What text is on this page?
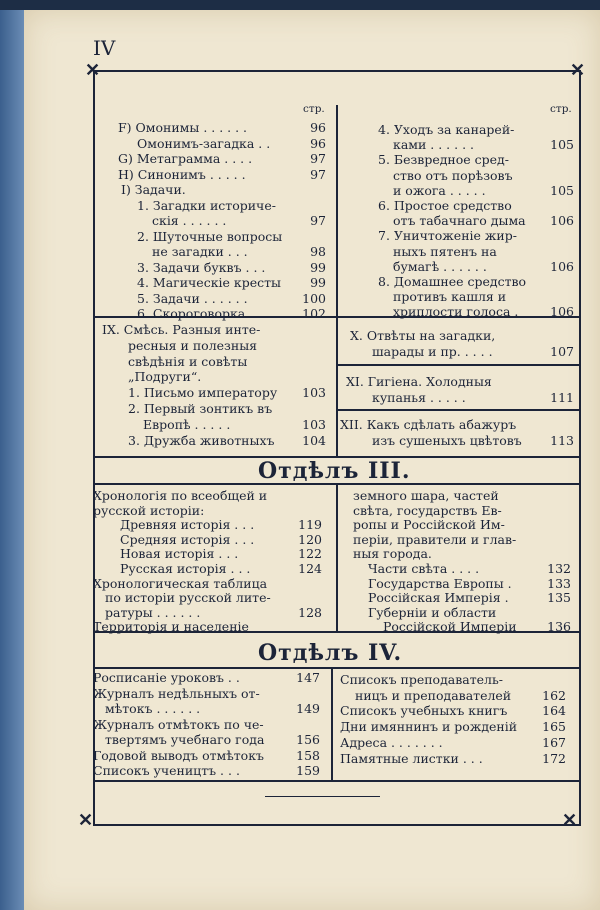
IV
✕	✕
✕	✕
стр.	стр.
Отдѣлъ III.
Отдѣлъ IV.
F) Омонимы . . . . . .	96
Омонимъ-загадка . .	96
G) Метаграмма . . . .	97
H) Синонимъ . . . . .	97
I) Задачи.
1. Загадки историче-
скія . . . . . .	97
2. Шуточные вопросы
не загадки . . .	98
3. Задачи буквъ . . .	99
4. Магическіе кресты	99
5. Задачи . . . . . .	100
6. Скороговорка . . .	102
IX. Смѣсь. Разныя инте-
ресныя и полезныя
свѣдѣнія и совѣты
„Подруги“.
1. Письмо императору	103
2. Первый зонтикъ въ
Европѣ . . . . .	103
3. Дружба животныхъ	104
4. Уходъ за канарей-
ками . . . . . .	105
5. Безвредное сред-
ство отъ порѣзовъ
и ожога . . . . .	105
6. Простое средство
отъ табачнаго дыма	106
7. Уничтоженіе жир-
ныхъ пятенъ на
бумагѣ . . . . . .	106
8. Домашнее средство
противъ кашля и
хриплости голоса .	106
Хронологія по всеобщей и
русской исторіи:
Древняя исторія . . .	119
Средняя исторія . . .	120
Новая исторія . . .	122
Русская исторія . . .	124
Хронологическая таблица
по исторіи русской лите-
ратуры . . . . . .	128
Территорія и населеніе
земного шара, частей
свѣта, государствъ Ев-
ропы и Россійской Им-
періи, правители и глав-
ныя города.
Части свѣта . . . .	132
Государства Европы .	133
Россійская Имперія .	135
Губерніи и области
Россійской Имперіи	136
Росписаніе уроковъ . .	147
Журналъ недѣльныхъ от-
мѣтокъ . . . . . .	149
Журналъ отмѣтокъ по че-
твертямъ учебнаго года	156
Годовой выводъ отмѣтокъ	158
Списокъ учеництъ . . .	159
Списокъ преподаватель-
ницъ и преподавателей	162
Списокъ учебныхъ книгъ	164
Дни имяннинъ и рожденій	165
Адреса . . . . . . .	167
Памятные листки . . .	172
X. Отвѣты на загадки,
шарады и пр. . . . .	107
XI. Гигіена. Холодныя
купанья . . . . .	111
XII. Какъ сдѣлать абажуръ
изъ сушеныхъ цвѣтовъ	113
